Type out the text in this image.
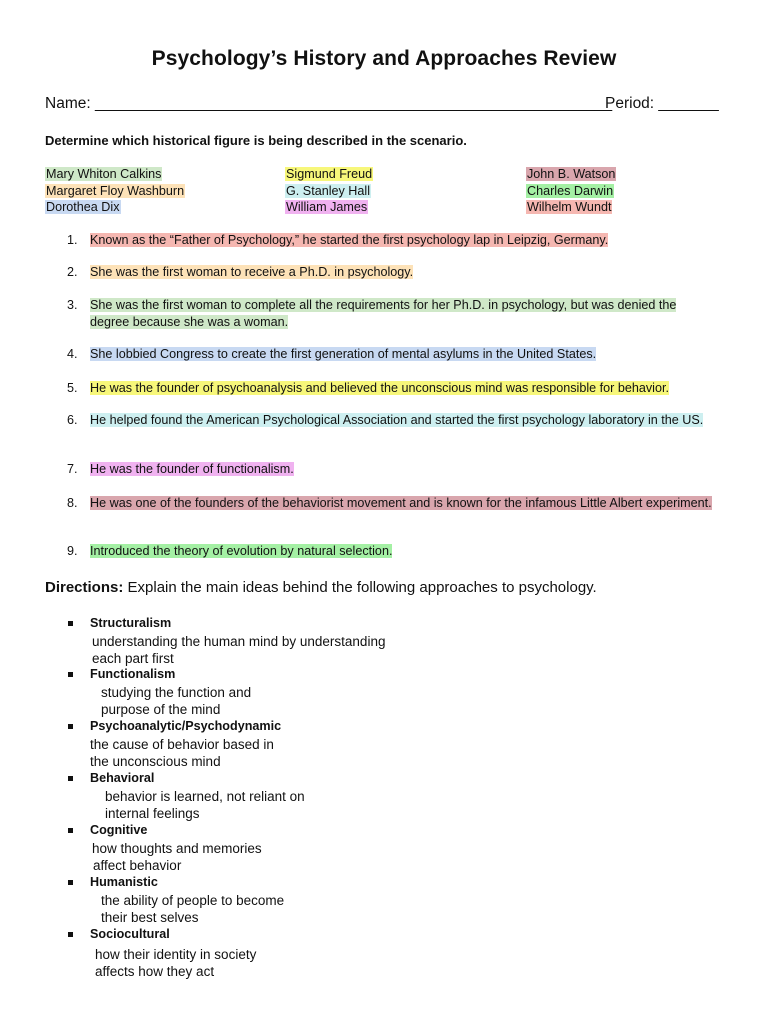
Psychology’s History and Approaches Review
Name: ____________________________________________________________
Period: _______
Determine which historical figure is being described in the scenario.
Mary Whiton Calkins
Margaret Floy Washburn
Dorothea Dix
Sigmund Freud
G. Stanley Hall
William James
John B. Watson
Charles Darwin
Wilhelm Wundt
1. Known as the “Father of Psychology,” he started the first psychology lap in Leipzig, Germany.
2. She was the first woman to receive a Ph.D. in psychology.
3. She was the first woman to complete all the requirements for her Ph.D. in psychology, but was denied the degree because she was a woman.
4. She lobbied Congress to create the first generation of mental asylums in the United States.
5. He was the founder of psychoanalysis and believed the unconscious mind was responsible for behavior.
6. He helped found the American Psychological Association and started the first psychology laboratory in the US.
7. He was the founder of functionalism.
8. He was one of the founders of the behaviorist movement and is known for the infamous Little Albert experiment.
9. Introduced the theory of evolution by natural selection.
Directions: Explain the main ideas behind the following approaches to psychology.
Structuralism
understanding the human mind by understanding
each part first
Functionalism
studying the function and
purpose of the mind
Psychoanalytic/Psychodynamic
the cause of behavior based in
the unconscious mind
Behavioral
behavior is learned, not reliant on
internal feelings
Cognitive
how thoughts and memories
affect behavior
Humanistic
the ability of people to become
their best selves
Sociocultural
how their identity in society
affects how they act
